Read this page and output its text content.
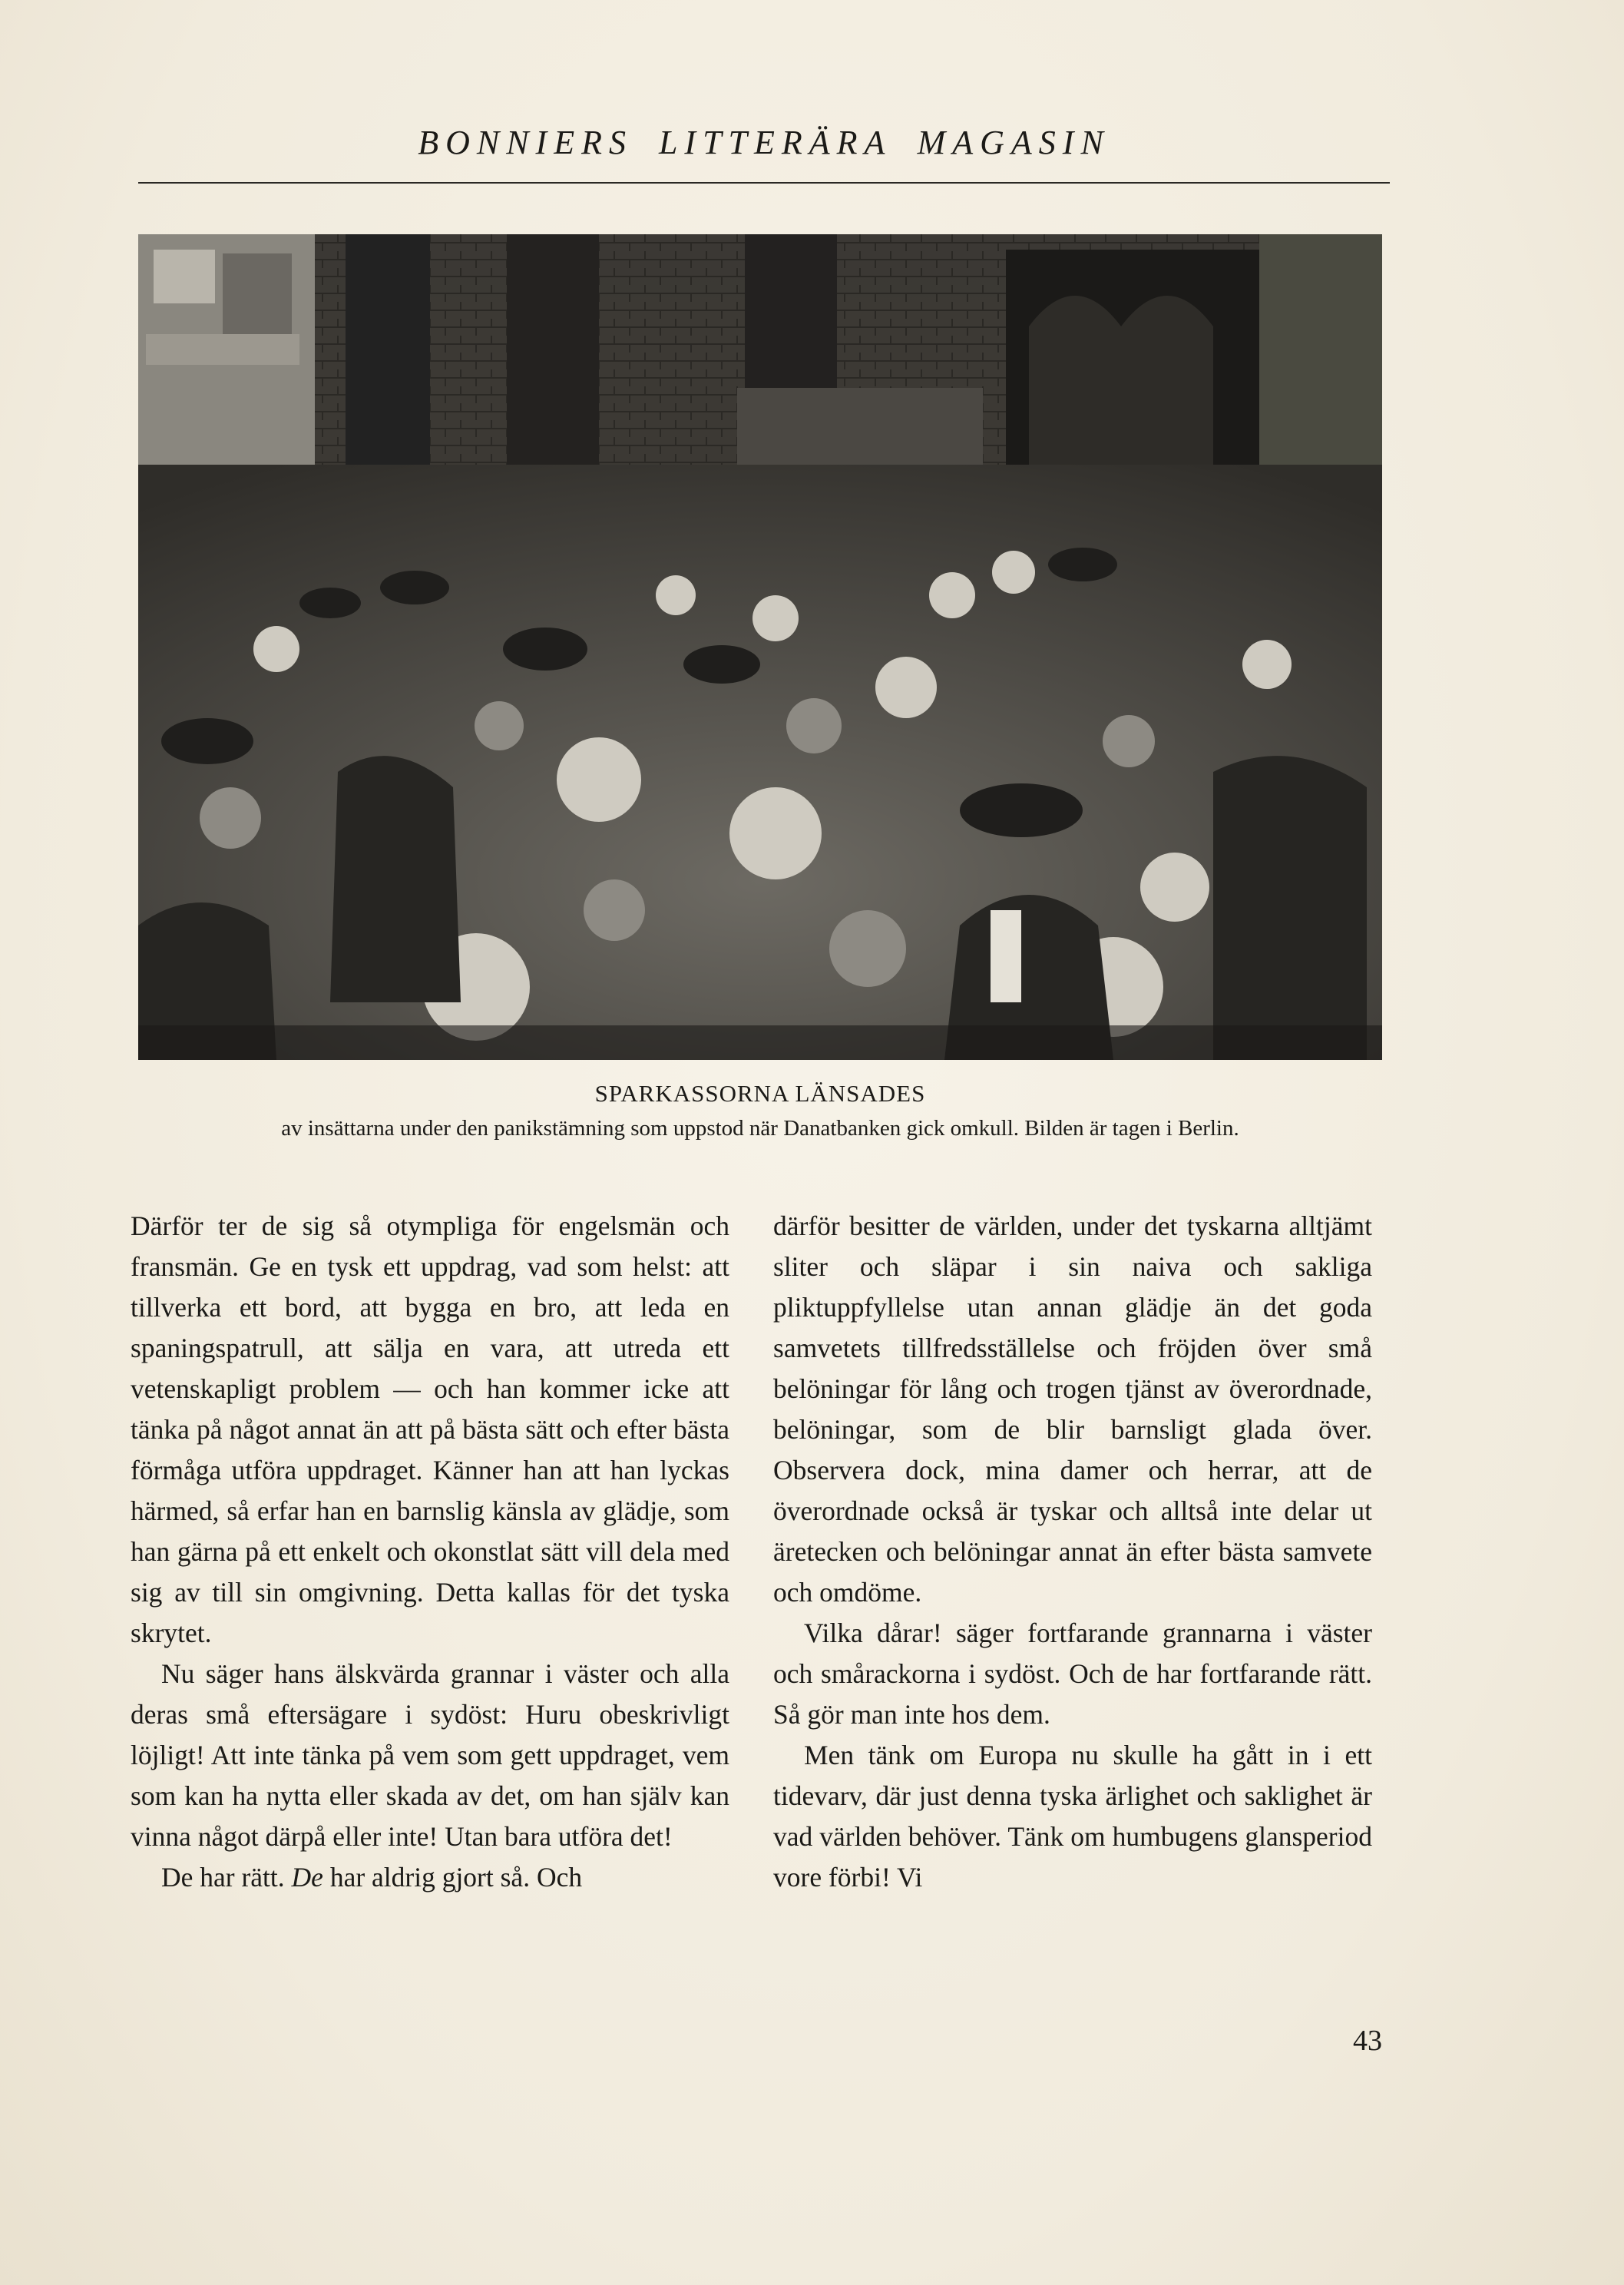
BONNIERS LITTERÄRA MAGASIN
SPARKASSORNA LÄNSADES
av insättarna under den panikstämning som uppstod när Danatbanken gick omkull. Bilden är tagen i Berlin.

Därför ter de sig så otympliga för engelsmän och fransmän. Ge en tysk ett uppdrag, vad som helst: att tillverka ett bord, att bygga en bro, att leda en spaningspatrull, att sälja en vara, att utreda ett vetenskapligt problem — och han kommer icke att tänka på något annat än att på bästa sätt och efter bästa förmåga utföra uppdraget. Känner han att han lyckas härmed, så erfar han en barnslig känsla av glädje, som han gärna på ett enkelt och okonstlat sätt vill dela med sig av till sin omgivning. Detta kallas för det tyska skrytet.

Nu säger hans älskvärda grannar i väster och alla deras små eftersägare i sydöst: Huru obeskrivligt löjligt! Att inte tänka på vem som gett uppdraget, vem som kan ha nytta eller skada av det, om han själv kan vinna något därpå eller inte! Utan bara utföra det!

De har rätt. De har aldrig gjort så. Och

därför besitter de världen, under det tyskarna alltjämt sliter och släpar i sin naiva och sakliga pliktuppfyllelse utan annan glädje än det goda samvetets tillfredsställelse och fröjden över små belöningar för lång och trogen tjänst av överordnade, belöningar, som de blir barnsligt glada över. Observera dock, mina damer och herrar, att de överordnade också är tyskar och alltså inte delar ut äretecken och belöningar annat än efter bästa samvete och omdöme.

Vilka dårar! säger fortfarande grannarna i väster och smårackorna i sydöst. Och de har fortfarande rätt. Så gör man inte hos dem.

Men tänk om Europa nu skulle ha gått in i ett tidevarv, där just denna tyska ärlighet och saklighet är vad världen behöver. Tänk om humbugens glansperiod vore förbi! Vi

43
